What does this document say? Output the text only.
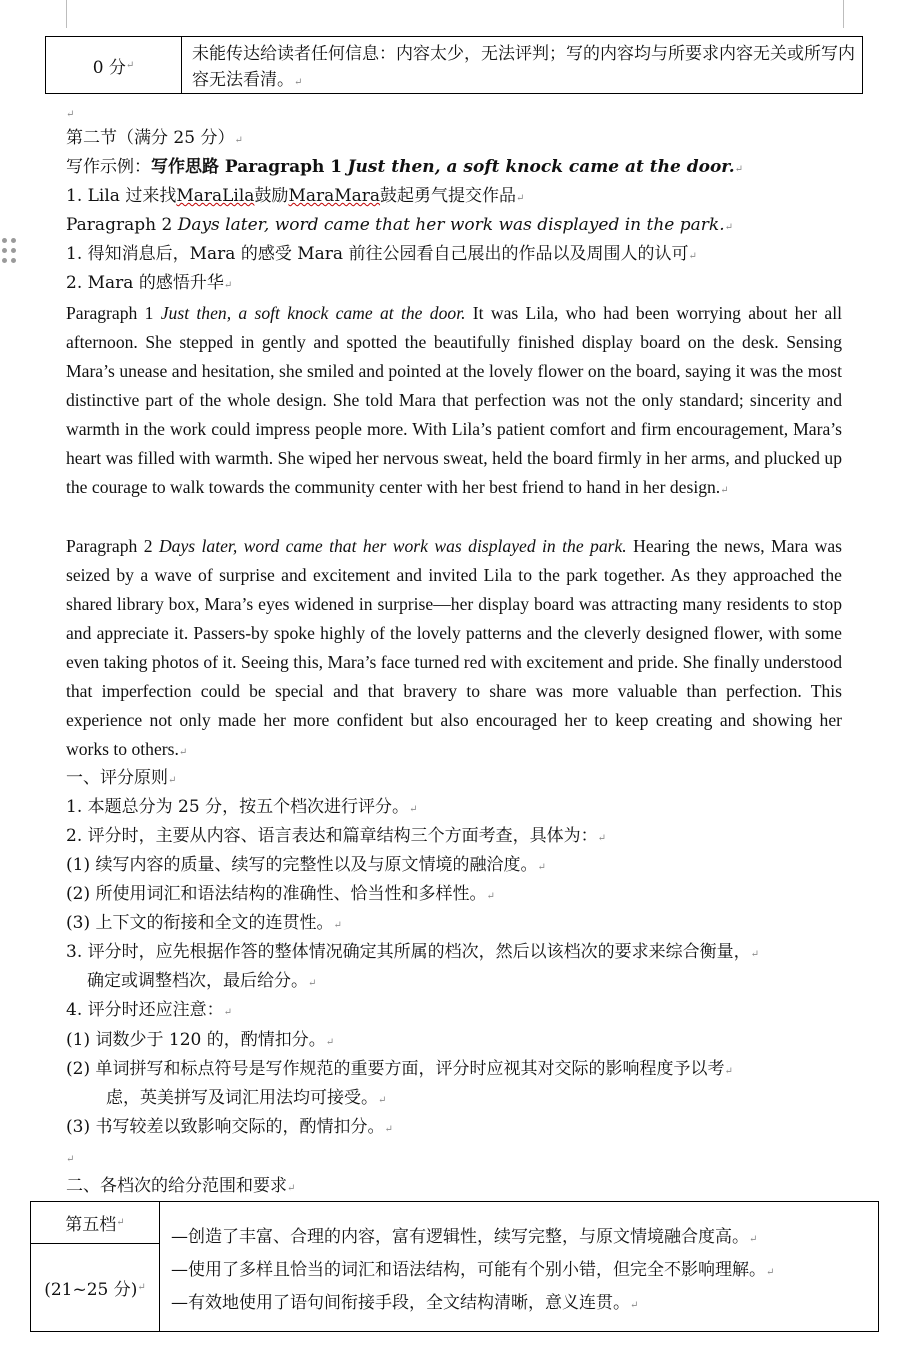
0 分 ↵
未能传达给读者任何信息：内容太少，无法评判；写的内容均与所要求内容无关或所写内容无法看清。↵
↵
第二节（满分 25 分）↵
写作示例：写作思路 Paragraph 1 Just then, a soft knock came at the door.↵
1. Lila 过来找MaraLila鼓励MaraMara鼓起勇气提交作品↵
Paragraph 2 Days later, word came that her work was displayed in the park.↵
1. 得知消息后，Mara 的感受 Mara 前往公园看自己展出的作品以及周围人的认可↵
2. Mara 的感悟升华↵
Paragraph 1 Just then, a soft knock came at the door. It was Lila, who had been worrying about her all afternoon. She stepped in gently and spotted the beautifully finished display board on the desk. Sensing Mara’s unease and hesitation, she smiled and pointed at the lovely flower on the board, saying it was the most distinctive part of the whole design. She told Mara that perfection was not the only standard; sincerity and warmth in the work could impress people more. With Lila’s patient comfort and firm encouragement, Mara’s heart was filled with warmth. She wiped her nervous sweat, held the board firmly in her arms, and plucked up the courage to walk towards the community center with her best friend to hand in her design.↵
Paragraph 2 Days later, word came that her work was displayed in the park. Hearing the news, Mara was seized by a wave of surprise and excitement and invited Lila to the park together. As they approached the shared library box, Mara’s eyes widened in surprise—her display board was attracting many residents to stop and appreciate it. Passers-by spoke highly of the lovely patterns and the cleverly designed flower, with some even taking photos of it. Seeing this, Mara’s face turned red with excitement and pride. She finally understood that imperfection could be special and that bravery to share was more valuable than perfection. This experience not only made her more confident but also encouraged her to keep creating and showing her works to others.↵
一、评分原则↵
1. 本题总分为 25 分，按五个档次进行评分。↵
2. 评分时，主要从内容、语言表达和篇章结构三个方面考查，具体为：↵
(1) 续写内容的质量、续写的完整性以及与原文情境的融洽度。↵
(2) 所使用词汇和语法结构的准确性、恰当性和多样性。↵
(3) 上下文的衔接和全文的连贯性。↵
3. 评分时，应先根据作答的整体情况确定其所属的档次，然后以该档次的要求来综合衡量，↵
确定或调整档次，最后给分。↵
4. 评分时还应注意：↵
(1) 词数少于 120 的，酌情扣分。↵
(2) 单词拼写和标点符号是写作规范的重要方面，评分时应视其对交际的影响程度予以考↵
虑，英美拼写及词汇用法均可接受。↵
(3) 书写较差以致影响交际的，酌情扣分。↵
↵
二、各档次的给分范围和要求↵
第五档 ↵
(21~25 分) ↵
—创造了丰富、合理的内容，富有逻辑性，续写完整，与原文情境融合度高。↵
—使用了多样且恰当的词汇和语法结构，可能有个别小错，但完全不影响理解。↵
—有效地使用了语句间衔接手段，全文结构清晰，意义连贯。↵
